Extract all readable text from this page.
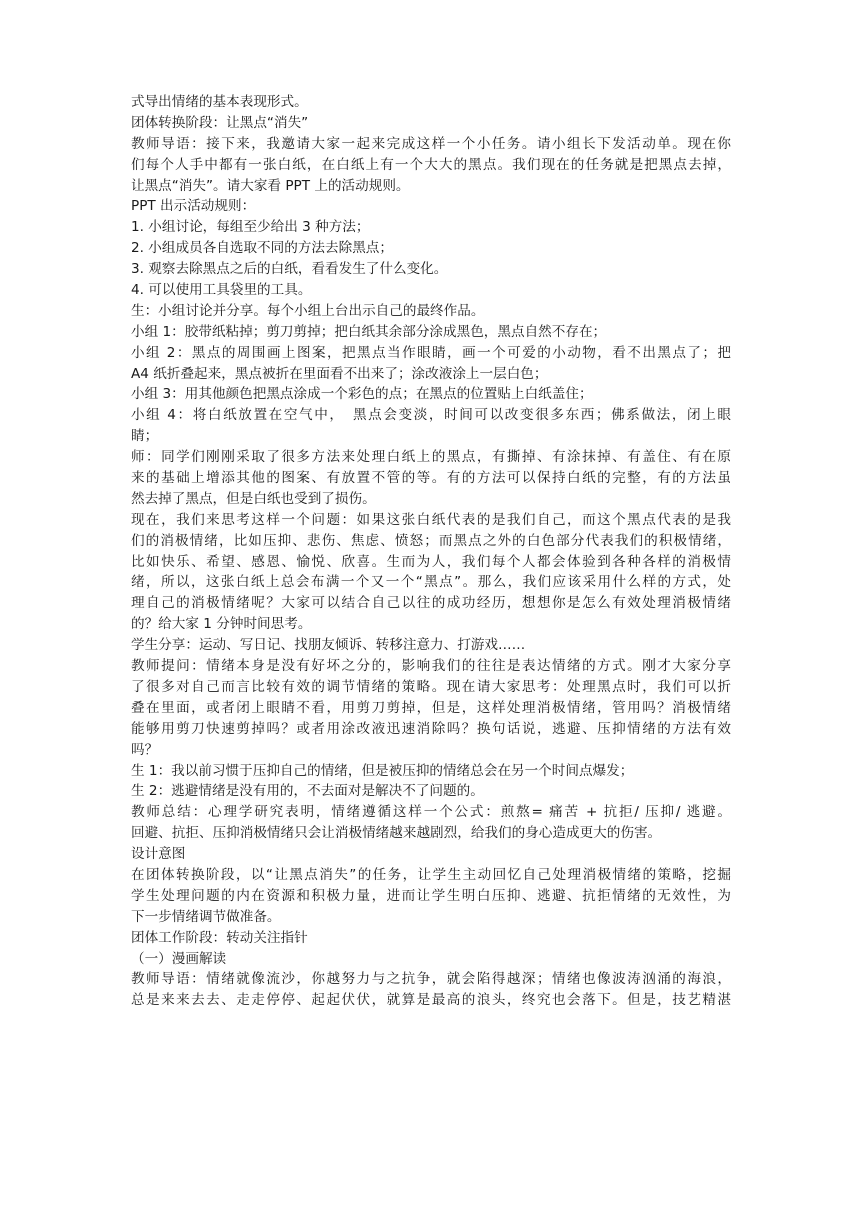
式导出情绪的基本表现形式。
团体转换阶段：让黑点“消失”
教师导语：接下来，我邀请大家一起来完成这样一个小任务。请小组长下发活动单。现在你
们每个人手中都有一张白纸，在白纸上有一个大大的黑点。我们现在的任务就是把黑点去掉，
让黑点“消失”。请大家看 PPT 上的活动规则。
PPT 出示活动规则：
1. 小组讨论，每组至少给出 3 种方法；
2. 小组成员各自选取不同的方法去除黑点；
3. 观察去除黑点之后的白纸，看看发生了什么变化。
4. 可以使用工具袋里的工具。
生：小组讨论并分享。每个小组上台出示自己的最终作品。
小组 1：胶带纸粘掉；剪刀剪掉；把白纸其余部分涂成黑色，黑点自然不存在；
小组 2：黑点的周围画上图案，把黑点当作眼睛，画一个可爱的小动物，看不出黑点了；把
A4 纸折叠起来，黑点被折在里面看不出来了；涂改液涂上一层白色；
小组 3：用其他颜色把黑点涂成一个彩色的点；在黑点的位置贴上白纸盖住；
小组 4：将白纸放置在空气中，　黑点会变淡，时间可以改变很多东西；佛系做法，闭上眼
睛；
师：同学们刚刚采取了很多方法来处理白纸上的黑点，有撕掉、有涂抹掉、有盖住、有在原
来的基础上增添其他的图案、有放置不管的等。有的方法可以保持白纸的完整，有的方法虽
然去掉了黑点，但是白纸也受到了损伤。
现在，我们来思考这样一个问题：如果这张白纸代表的是我们自己，而这个黑点代表的是我
们的消极情绪，比如压抑、悲伤、焦虑、愤怒；而黑点之外的白色部分代表我们的积极情绪，
比如快乐、希望、感恩、愉悦、欣喜。生而为人，我们每个人都会体验到各种各样的消极情
绪，所以，这张白纸上总会布满一个又一个“黑点”。那么，我们应该采用什么样的方式，处
理自己的消极情绪呢？大家可以结合自己以往的成功经历，想想你是怎么有效处理消极情绪
的？给大家 1 分钟时间思考。
学生分享：运动、写日记、找朋友倾诉、转移注意力、打游戏……
教师提问：情绪本身是没有好坏之分的，影响我们的往往是表达情绪的方式。刚才大家分享
了很多对自己而言比较有效的调节情绪的策略。现在请大家思考：处理黑点时，我们可以折
叠在里面，或者闭上眼睛不看，用剪刀剪掉，但是，这样处理消极情绪，管用吗？消极情绪
能够用剪刀快速剪掉吗？或者用涂改液迅速消除吗？换句话说，逃避、压抑情绪的方法有效
吗？
生 1：我以前习惯于压抑自己的情绪，但是被压抑的情绪总会在另一个时间点爆发；
生 2：逃避情绪是没有用的，不去面对是解决不了问题的。
教师总结：心理学研究表明，情绪遵循这样一个公式：煎熬= 痛苦 + 抗拒/ 压抑/ 逃避。
回避、抗拒、压抑消极情绪只会让消极情绪越来越剧烈，给我们的身心造成更大的伤害。
设计意图
在团体转换阶段，以“让黑点消失”的任务，让学生主动回忆自己处理消极情绪的策略，挖掘
学生处理问题的内在资源和积极力量，进而让学生明白压抑、逃避、抗拒情绪的无效性，为
下一步情绪调节做准备。
团体工作阶段：转动关注指针
（一）漫画解读
教师导语：情绪就像流沙，你越努力与之抗争，就会陷得越深；情绪也像波涛汹涌的海浪，
总是来来去去、走走停停、起起伏伏，就算是最高的浪头，终究也会落下。但是，技艺精湛
